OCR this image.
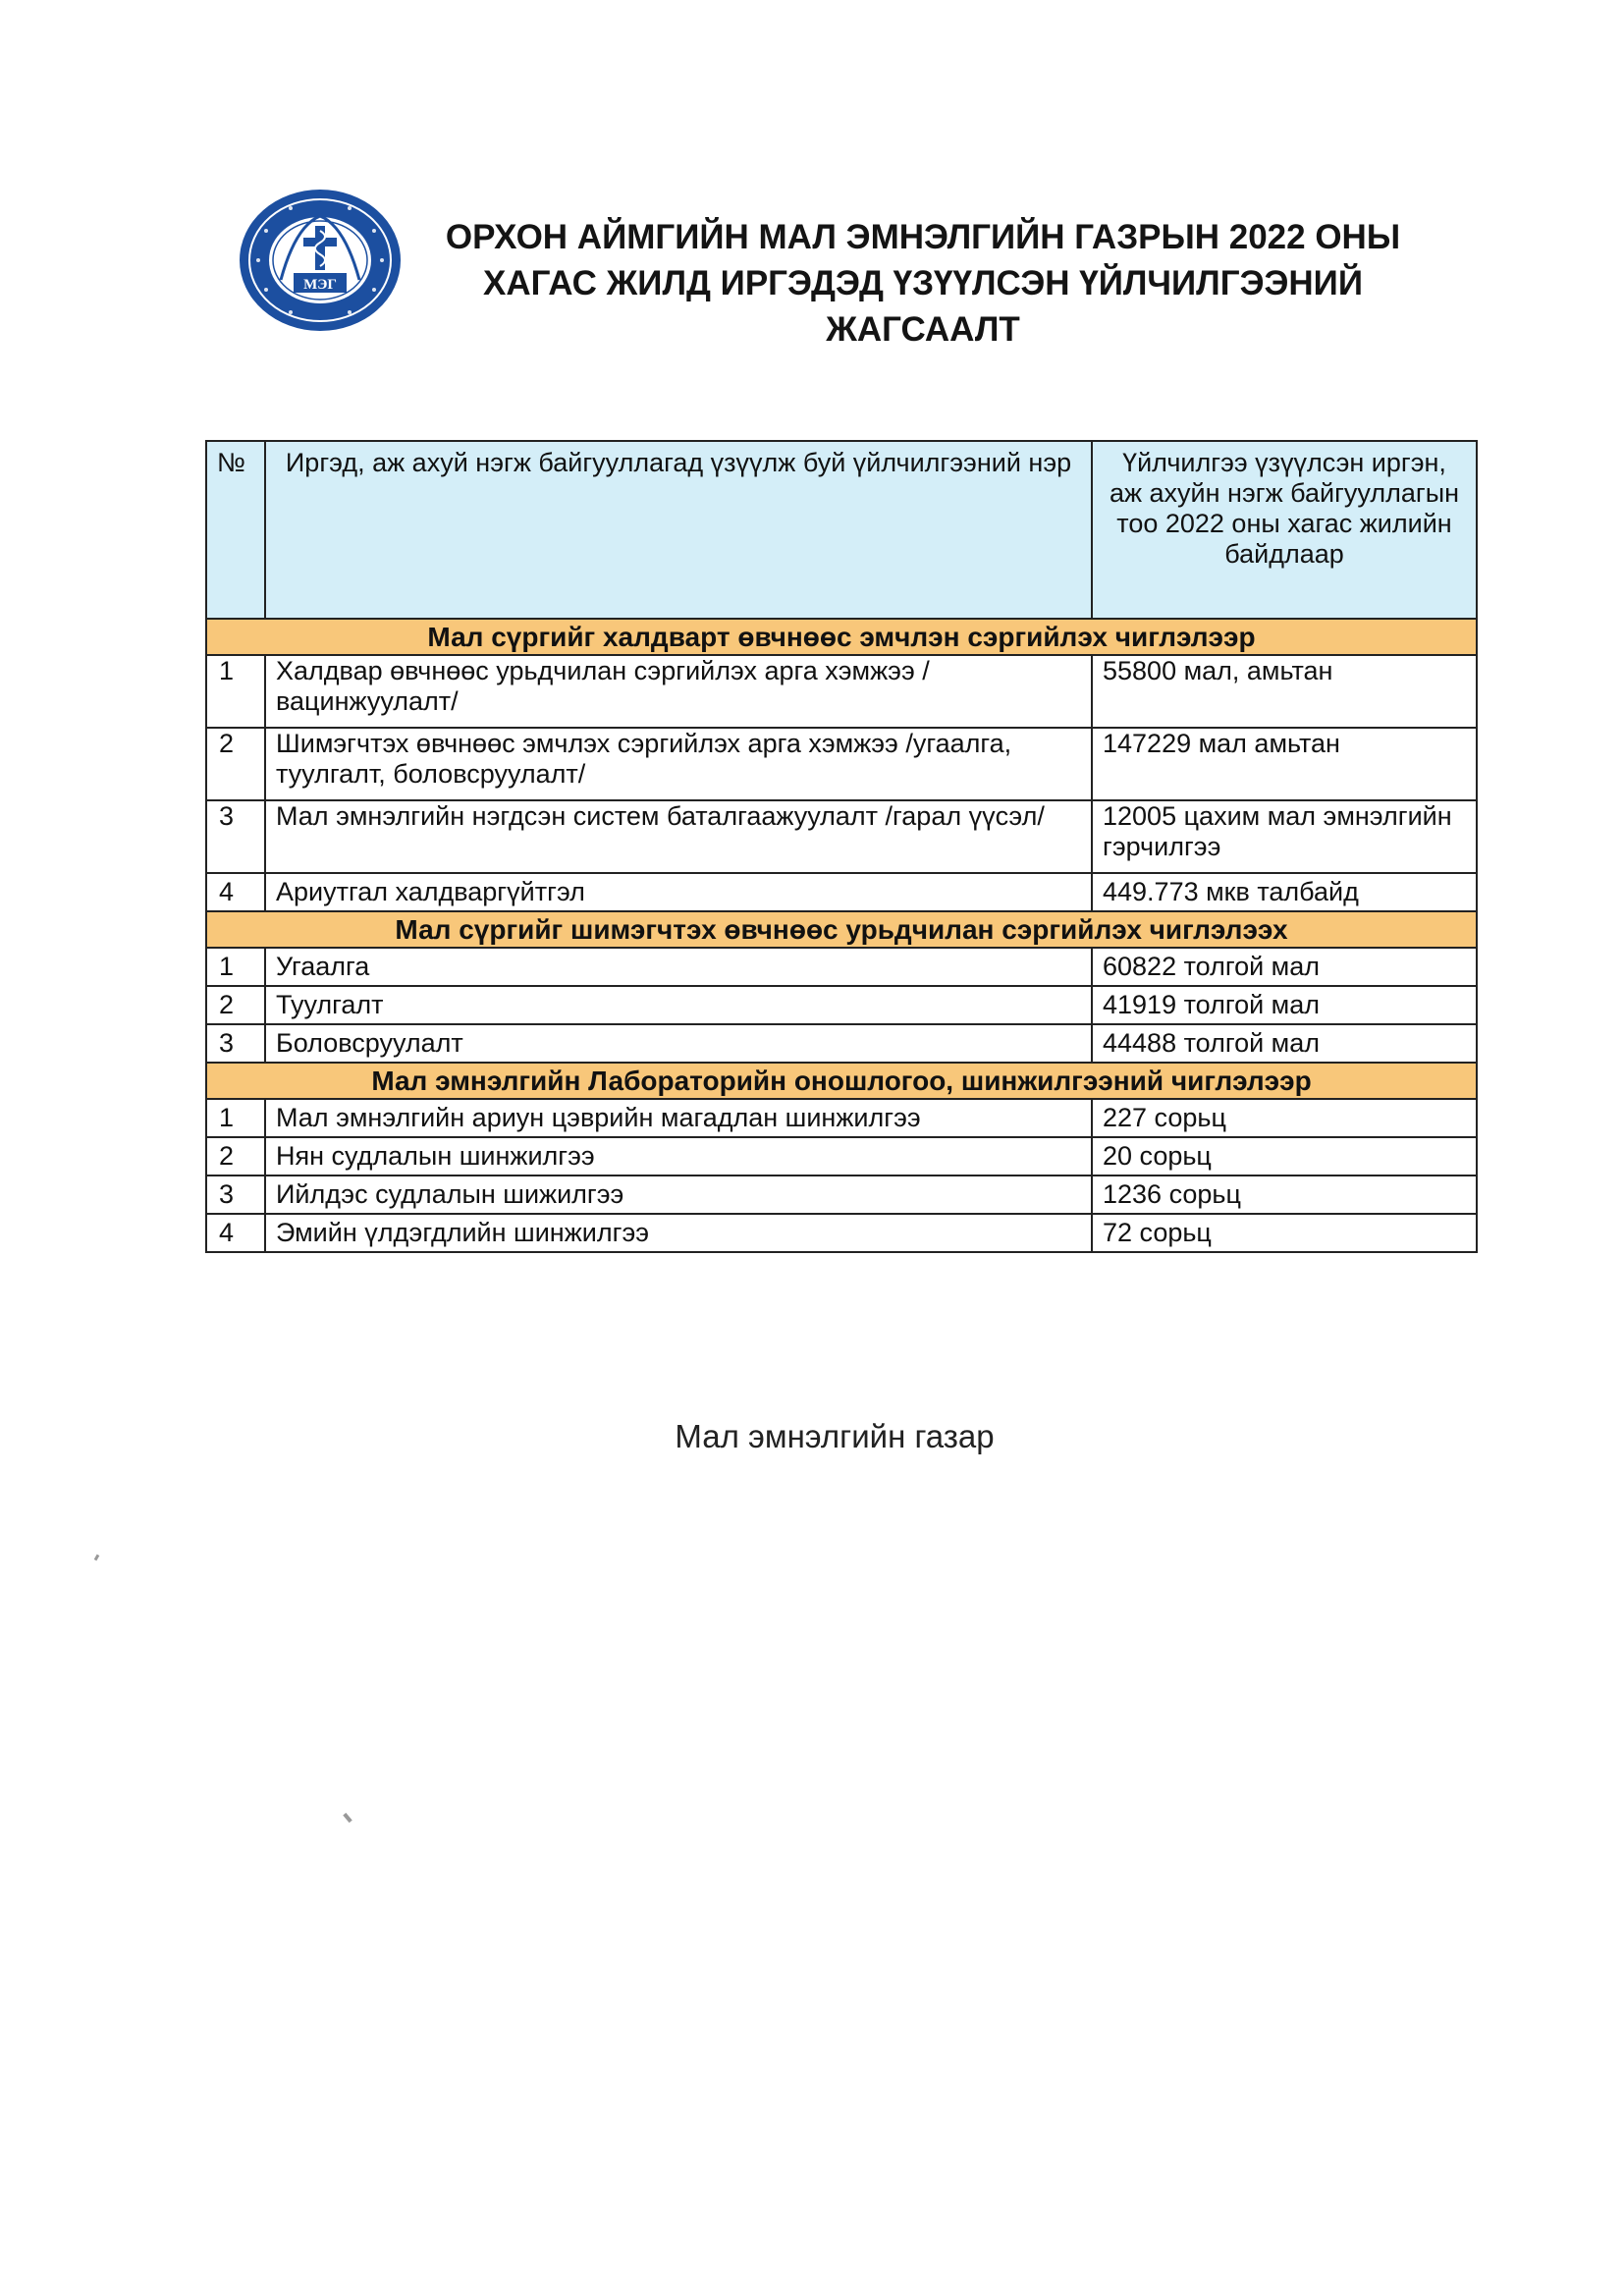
МЭГ
ОРХОН АЙМГИЙН МАЛ ЭМНЭЛГИЙН ГАЗРЫН 2022 ОНЫ
ХАГАС ЖИЛД ИРГЭДЭД ҮЗҮҮЛСЭН ҮЙЛЧИЛГЭЭНИЙ
ЖАГСААЛТ
№	Иргэд, аж ахуй нэгж байгууллагад үзүүлж буй үйлчилгээний нэр	Үйлчилгээ үзүүлсэн иргэн, аж ахуйн нэгж байгууллагын тоо 2022 оны хагас жилийн байдлаар
Мал сүргийг халдварт өвчнөөс эмчлэн сэргийлэх чиглэлээр		
1	Халдвар өвчнөөс урьдчилан сэргийлэх арга хэмжээ /вацинжуулалт/	55800 мал, амьтан
2	Шимэгчтэх өвчнөөс эмчлэх сэргийлэх арга хэмжээ /угаалга, туулгалт, боловсруулалт/	147229 мал амьтан
3	Мал эмнэлгийн нэгдсэн систем баталгаажуулалт /гарал үүсэл/	12005 цахим мал эмнэлгийн гэрчилгээ
4	Ариутгал халдваргүйтгэл	449.773 мкв талбайд
Мал сүргийг шимэгчтэх өвчнөөс урьдчилан сэргийлэх чиглэлээх		
1	Угаалга	60822 толгой мал
2	Туулгалт	41919 толгой мал
3	Боловсруулалт	44488 толгой мал
Мал эмнэлгийн Лабораторийн оношлогоо, шинжилгээний чиглэлээр		
1	Мал эмнэлгийн ариун цэврийн магадлан шинжилгээ	227 сорьц
2	Нян судлалын шинжилгээ	20 сорьц
3	Ийлдэс судлалын шижилгээ	1236 сорьц
4	Эмийн үлдэгдлийн шинжилгээ	72 сорьц
Мал эмнэлгийн газар
